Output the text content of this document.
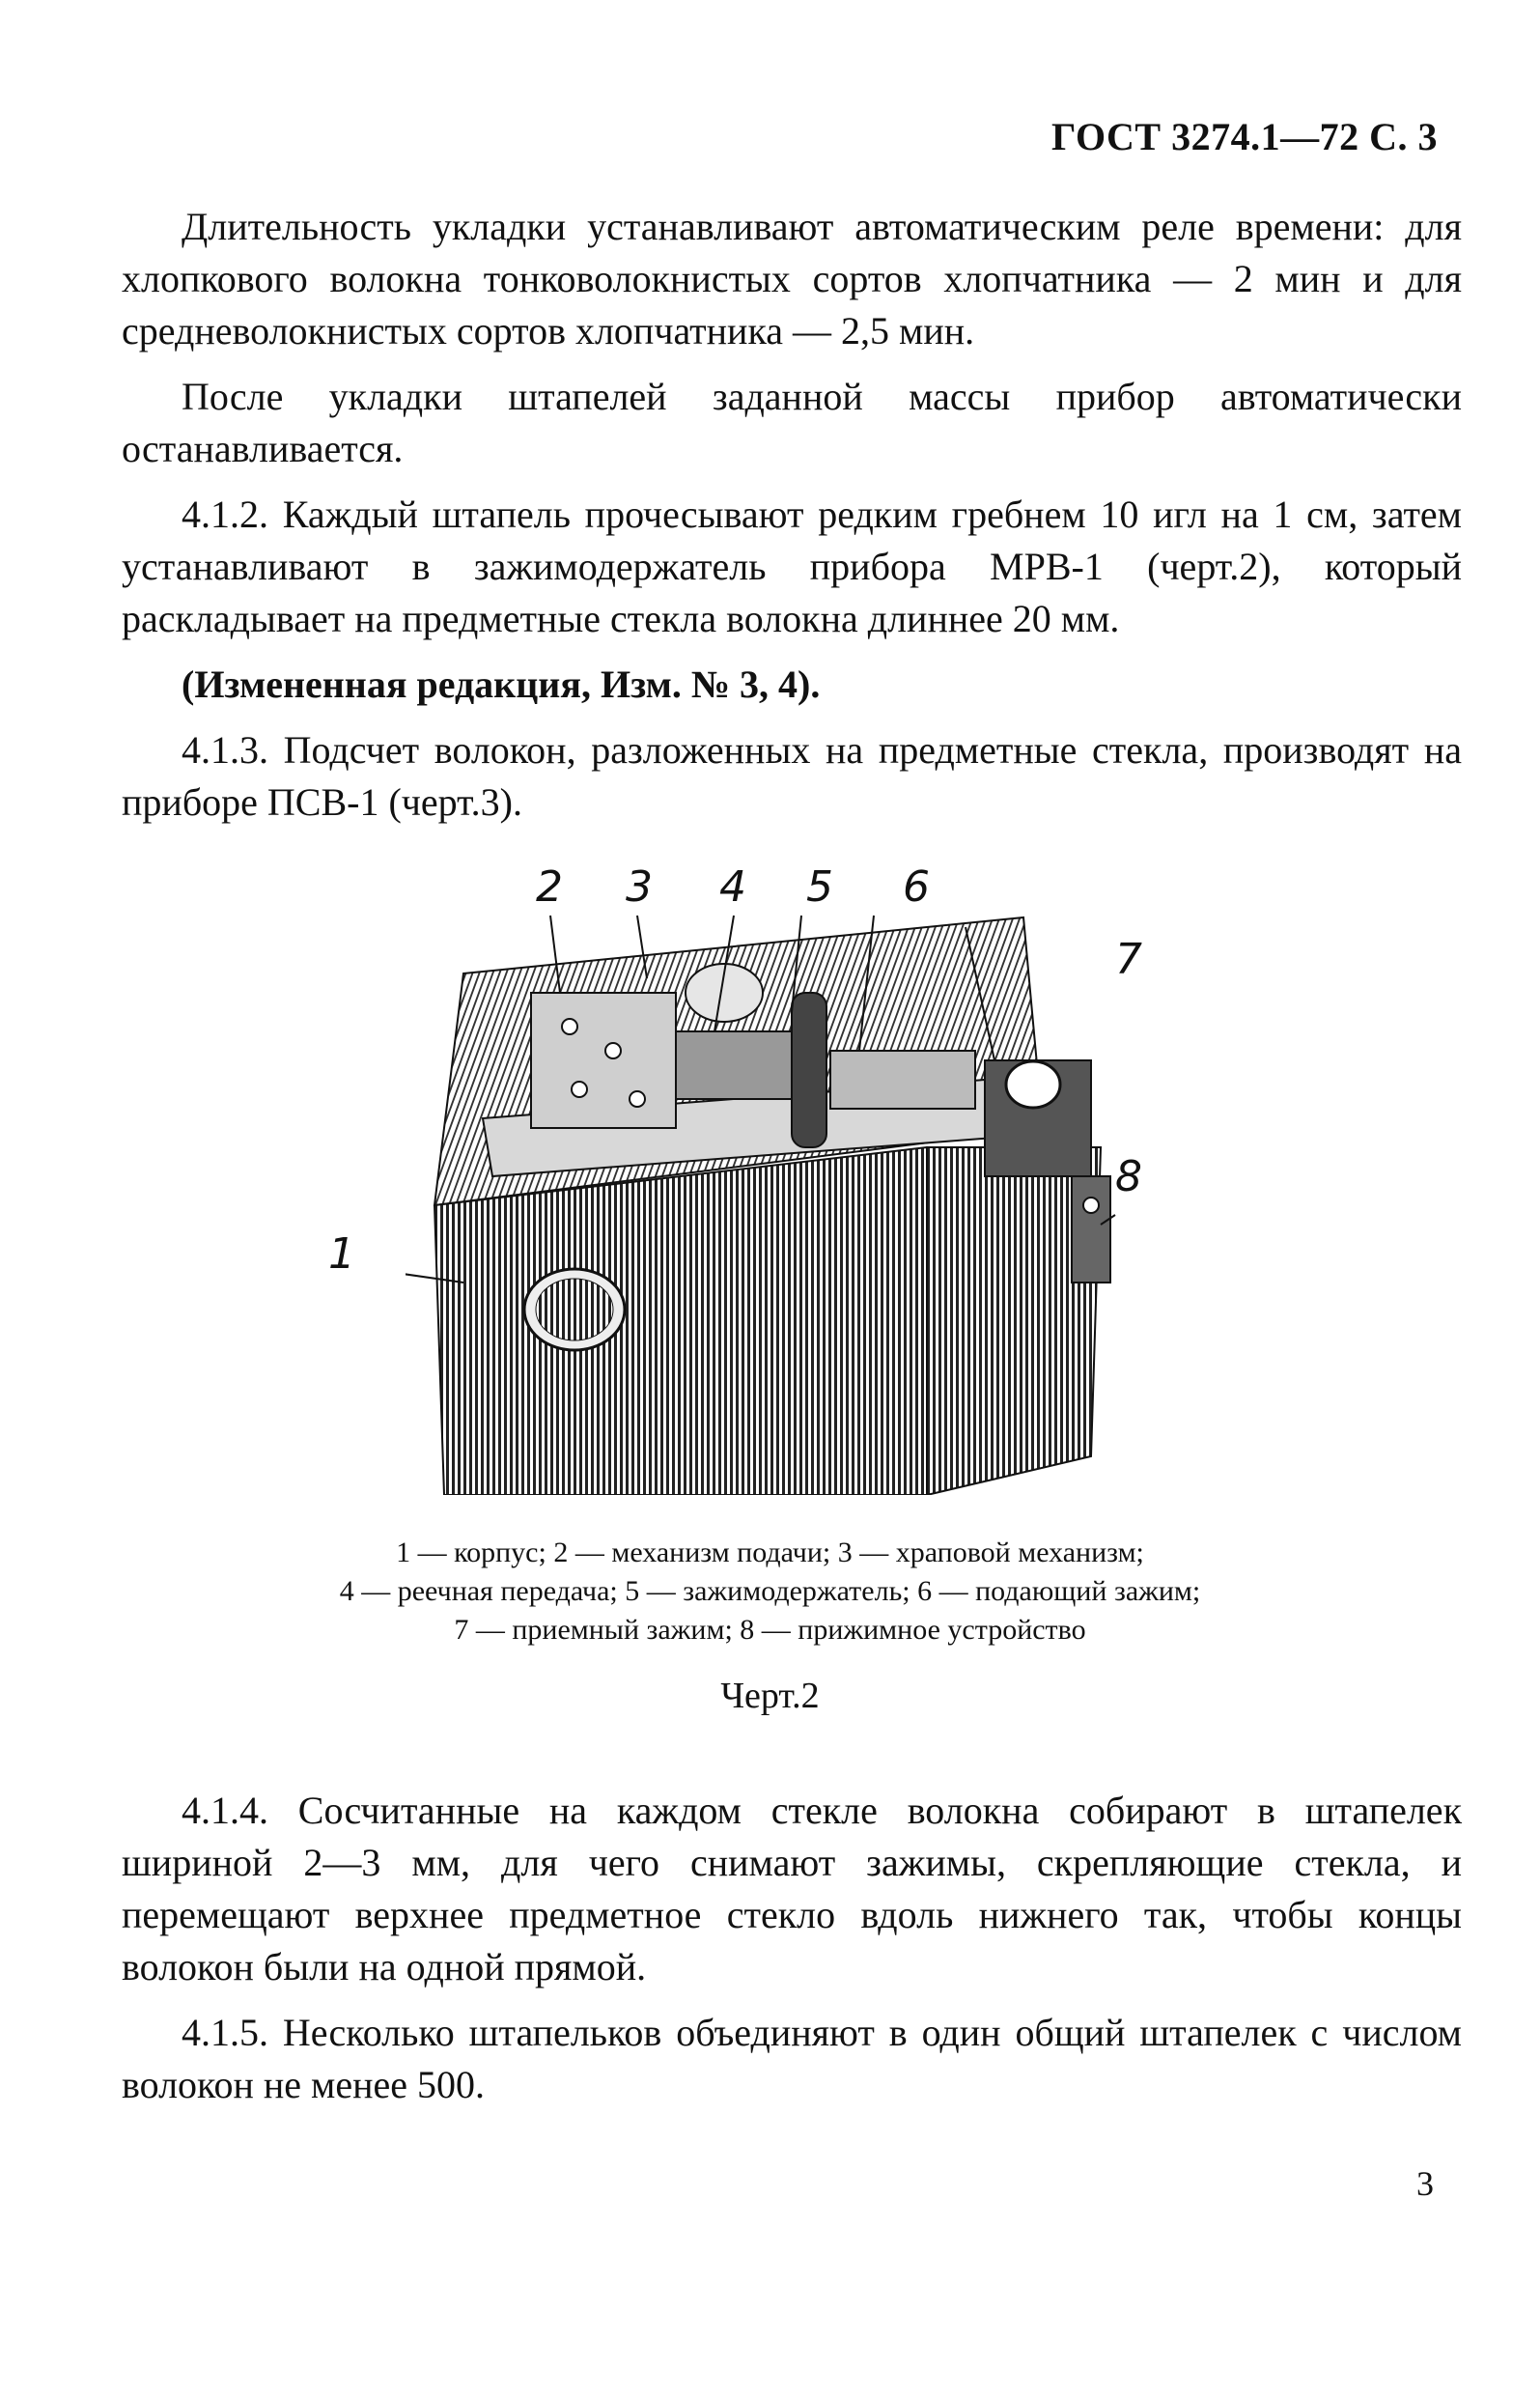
ГОСТ 3274.1—72 С. 3

Длительность укладки устанавливают автоматическим реле времени: для хлопкового волокна тонковолокнистых сортов хлопчатника — 2 мин и для средневолокнистых сортов хлопчатника — 2,5 мин.

После укладки штапелей заданной массы прибор автоматически останавливается.

4.1.2. Каждый штапель прочесывают редким гребнем 10 игл на 1 см, затем устанавливают в зажимодержатель прибора МРВ-1 (черт.2), который раскладывает на предметные стекла волокна длиннее 20 мм.

(Измененная редакция, Изм. № 3, 4).

4.1.3. Подсчет волокон, разложенных на предметные стекла, производят на приборе ПСВ-1 (черт.3).

1
2 3 4 5 6
7
8
1 — корпус; 2 — механизм подачи; 3 — храповой механизм;
4 — реечная передача; 5 — зажимодержатель; 6 — подающий зажим;
7 — приемный зажим; 8 — прижимное устройство
Черт.2

4.1.4. Сосчитанные на каждом стекле волокна собирают в штапелек шириной 2—3 мм, для чего снимают зажимы, скрепляющие стекла, и перемещают верхнее предметное стекло вдоль нижнего так, чтобы концы волокон были на одной прямой.

4.1.5. Несколько штапельков объединяют в один общий штапелек с числом волокон не менее 500.

3
